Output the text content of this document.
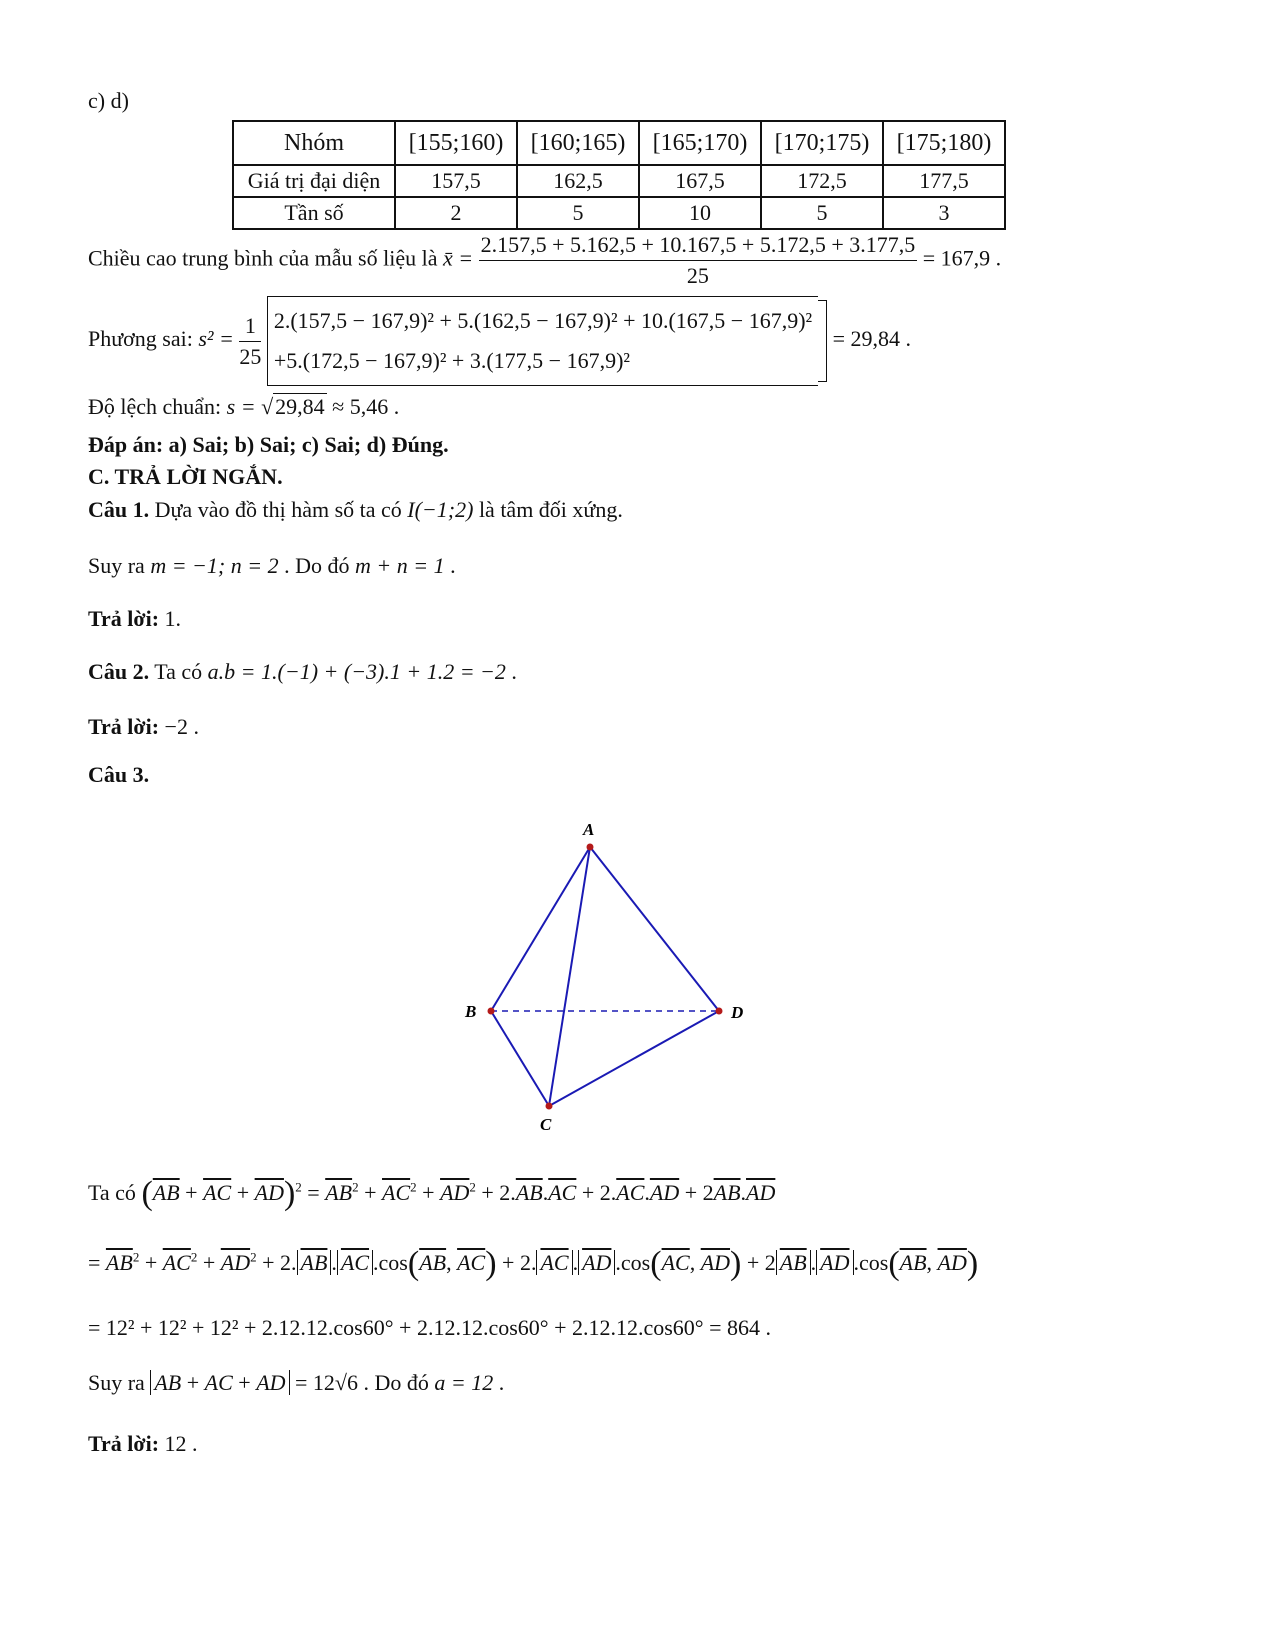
c) d)
Nhóm	[155;160)	[160;165)	[165;170)	[170;175)	[175;180)
Giá trị đại diện	157,5	162,5	167,5	172,5	177,5
Tần số	2	5	10	5	3
Chiều cao trung bình của mẫu số liệu là x̄ = $\frac{2.157,5 + 5.162,5 + 10.167,5 + 5.172,5 + 3.177,5}{25} = 167,9$ .
Phương sai: $s^2 = \frac{1}{25}$
2.(157,5 − 167,9)² + 5.(162,5 − 167,9)² + 10.(167,5 − 167,9)²
+5.(172,5 − 167,9)² + 3.(177,5 − 167,9)²
= 29,84 .
Độ lệch chuẩn: s = √29,84 ≈ 5,46 .
Đáp án: a) Sai; b) Sai; c) Sai; d) Đúng.
C. TRẢ LỜI NGẮN.
Câu 1. Dựa vào đồ thị hàm số ta có I(−1;2) là tâm đối xứng.
Suy ra m = −1; n = 2 . Do đó m + n = 1 .
Trả lời: 1.
Câu 2. Ta có a.b = 1.(−1) + (−3).1 + 1.2 = −2 .
Trả lời: −2 .
Câu 3.
A
B
C
D
Ta có $(\overline{AB} + \overline{AC} + \overline{AD})^2 = \overline{AB}^2 + \overline{AC}^2 + \overline{AD}^2 + 2.\overline{AB}.\overline{AC} + 2.\overline{AC}.\overline{AD} + 2\overline{AB}.\overline{AD}$
= $\overline{AB}^2 + \overline{AC}^2 + \overline{AD}^2 + 2$. $\overline{AB}$ . $\overline{AC}$ $.\cos(\overline{AB}$, $\overline{AC}) + 2$. $\overline{AC}$ . $\overline{AD}$ $.\cos(\overline{AC}$, $\overline{AD}) + 2$ $\overline{AB}$ . $\overline{AD}$ $.\cos(\overline{AB}$, $\overline{AD}$)
= 12² + 12² + 12² + 2.12.12.cos60° + 2.12.12.cos60° + 2.12.12.cos60° = 864 .
Suy ra AB + AC + AD = 12√6 . Do đó a = 12 .
Trả lời: 12 .
